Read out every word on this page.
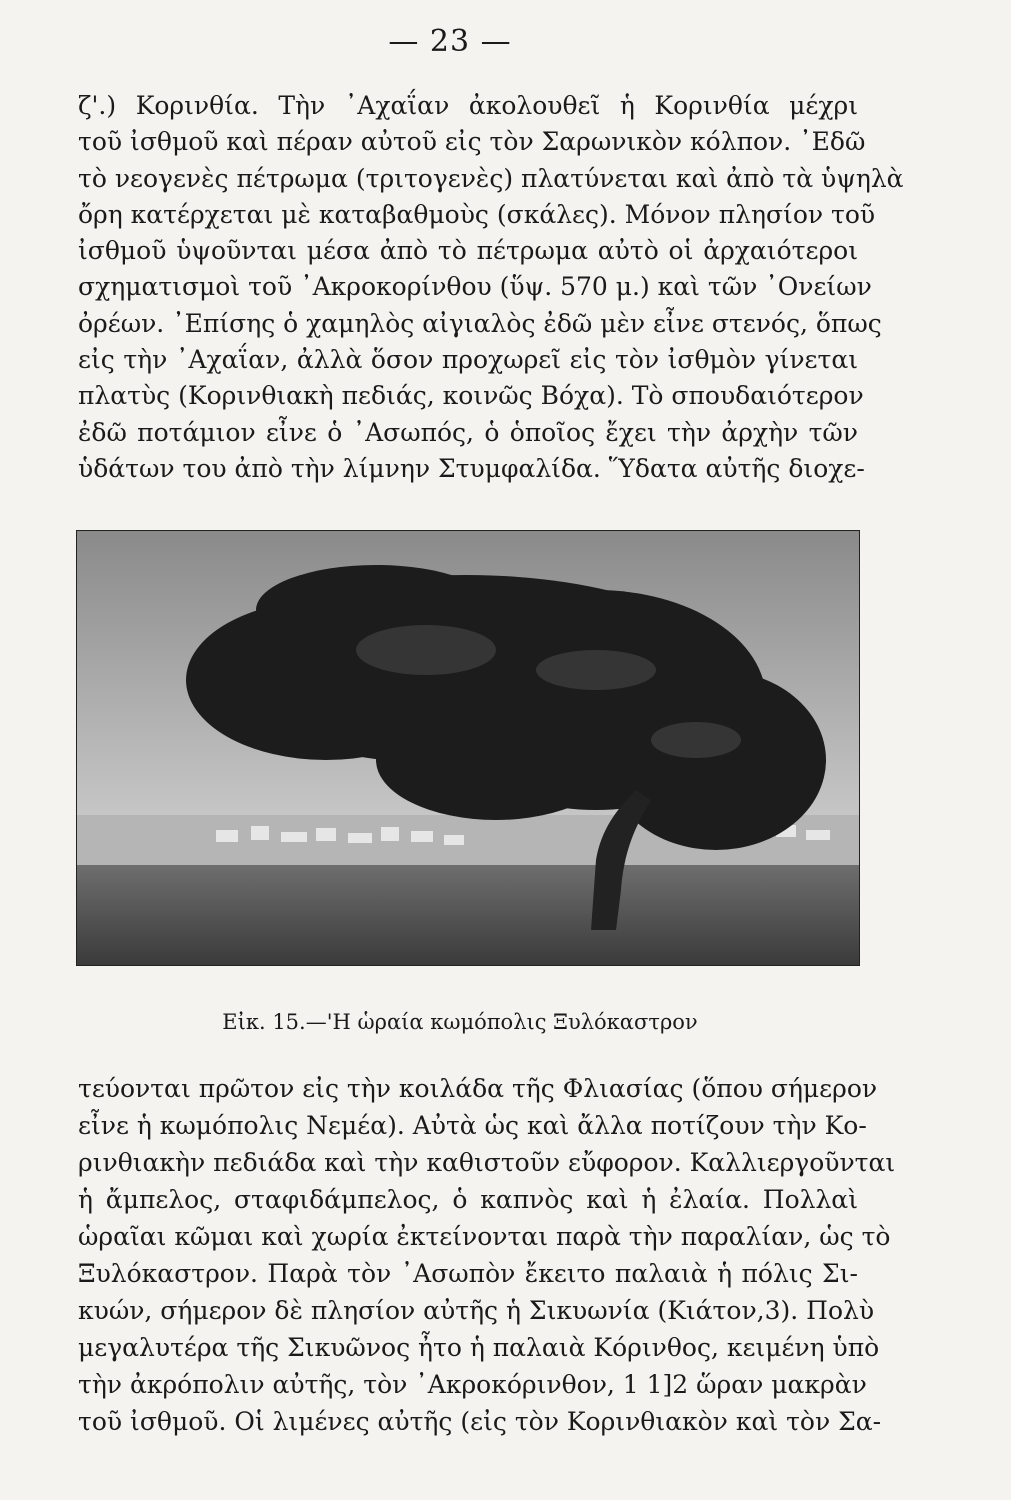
— 23 —
ζ'.) Κορινθία. Τὴν ᾿Αχαΐαν ἀκολουθεῖ ἡ Κορινθία μέχρι
τοῦ ἰσθμοῦ καὶ πέραν αὐτοῦ εἰς τὸν Σαρωνικὸν κόλπον. ᾿Εδῶ
τὸ νεογενὲς πέτρωμα (τριτογενὲς) πλατύνεται καὶ ἀπὸ τὰ ὑψηλὰ
ὄρη κατέρχεται μὲ καταβαθμοὺς (σκάλες). Μόνον πλησίον τοῦ
ἰσθμοῦ ὑψοῦνται μέσα ἀπὸ τὸ πέτρωμα αὐτὸ οἱ ἀρχαιότεροι
σχηματισμοὶ τοῦ ᾿Ακροκορίνθου (ὕψ. 570 μ.) καὶ τῶν ᾿Ονείων
ὀρέων. ᾿Επίσης ὁ χαμηλὸς αἰγιαλὸς ἐδῶ μὲν εἶνε στενός, ὅπως
εἰς τὴν ᾿Αχαΐαν, ἀλλὰ ὅσον προχωρεῖ εἰς τὸν ἰσθμὸν γίνεται
πλατὺς (Κορινθιακὴ πεδιάς, κοινῶς Βόχα). Τὸ σπουδαιότερον
ἐδῶ ποτάμιον εἶνε ὁ ᾿Ασωπός, ὁ ὁποῖος ἔχει τὴν ἀρχὴν τῶν
ὑδάτων του ἀπὸ τὴν λίμνην Στυμφαλίδα. Ὕδατα αὐτῆς διοχε-
Εἰκ. 15.—'Η ὡραία κωμόπολις Ξυλόκαστρον
τεύονται πρῶτον εἰς τὴν κοιλάδα τῆς Φλιασίας (ὅπου σήμερον
εἶνε ἡ κωμόπολις Νεμέα). Αὐτὰ ὡς καὶ ἄλλα ποτίζουν τὴν Κο-
ρινθιακὴν πεδιάδα καὶ τὴν καθιστοῦν εὔφορον. Καλλιεργοῦνται
ἡ ἄμπελος, σταφιδάμπελος, ὁ καπνὸς καὶ ἡ ἐλαία. Πολλαὶ
ὡραῖαι κῶμαι καὶ χωρία ἐκτείνονται παρὰ τὴν παραλίαν, ὡς τὸ
Ξυλόκαστρον. Παρὰ τὸν ᾿Ασωπὸν ἔκειτο παλαιὰ ἡ πόλις Σι-
κυών, σήμερον δὲ πλησίον αὐτῆς ἡ Σικυωνία (Κιάτον,3). Πολὺ
μεγαλυτέρα τῆς Σικυῶνος ἦτο ἡ παλαιὰ Κόρινθος, κειμένη ὑπὸ
τὴν ἀκρόπολιν αὐτῆς, τὸν ᾿Ακροκόρινθον, 1 1]2 ὥραν μακρὰν
τοῦ ἰσθμοῦ. Οἱ λιμένες αὐτῆς (εἰς τὸν Κορινθιακὸν καὶ τὸν Σα-
